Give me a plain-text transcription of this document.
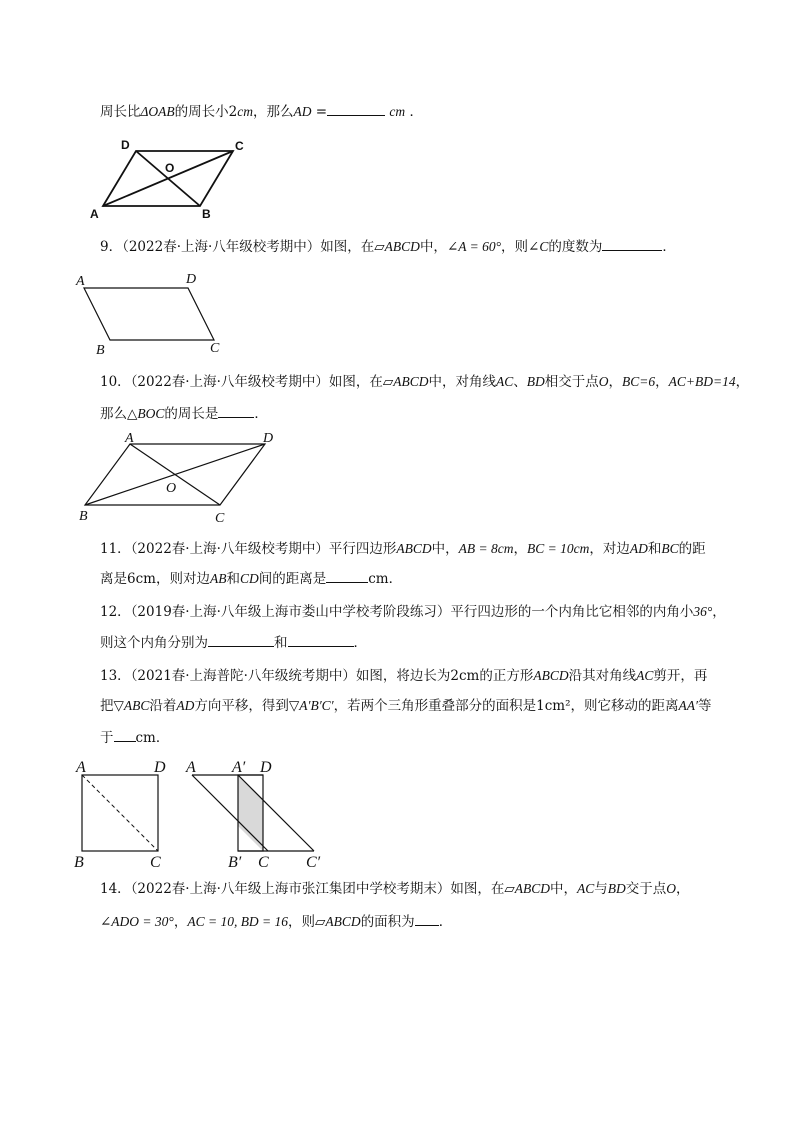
周长比ΔOAB的周长小2cm，那么AD =	cm ．
D	C
O
A	B
9．（2022春·上海·八年级校考期中）如图，在▱ABCD中，∠A = 60°，则∠C的度数为	．
A	D
B	C
10．（2022春·上海·八年级校考期中）如图，在▱ABCD中，对角线AC、BD相交于点O，BC=6，AC+BD=14，
那么△BOC的周长是	．
A	D
O
B	C
11．（2022春·上海·八年级校考期中）平行四边形ABCD中，AB = 8cm，BC = 10cm，对边AD和BC的距
离是6cm，则对边AB和CD间的距离是	cm．
12．（2019春·上海·八年级上海市娄山中学校考阶段练习）平行四边形的一个内角比它相邻的内角小36°，
则这个内角分别为	和	．
13．（2021春·上海普陀·八年级统考期中）如图，将边长为2cm的正方形ABCD沿其对角线AC剪开，再
把▽ABC沿着AD方向平移，得到▽A′B′C′，若两个三角形重叠部分的面积是1cm²，则它移动的距离AA′等
于 cm．
A	D
B	C
A A′ D
B′ C C′
14．（2022春·上海·八年级上海市张江集团中学校考期末）如图，在▱ABCD中，AC与BD交于点O，
∠ADO = 30°，AC = 10, BD = 16，则▱ABCD的面积为 ．
